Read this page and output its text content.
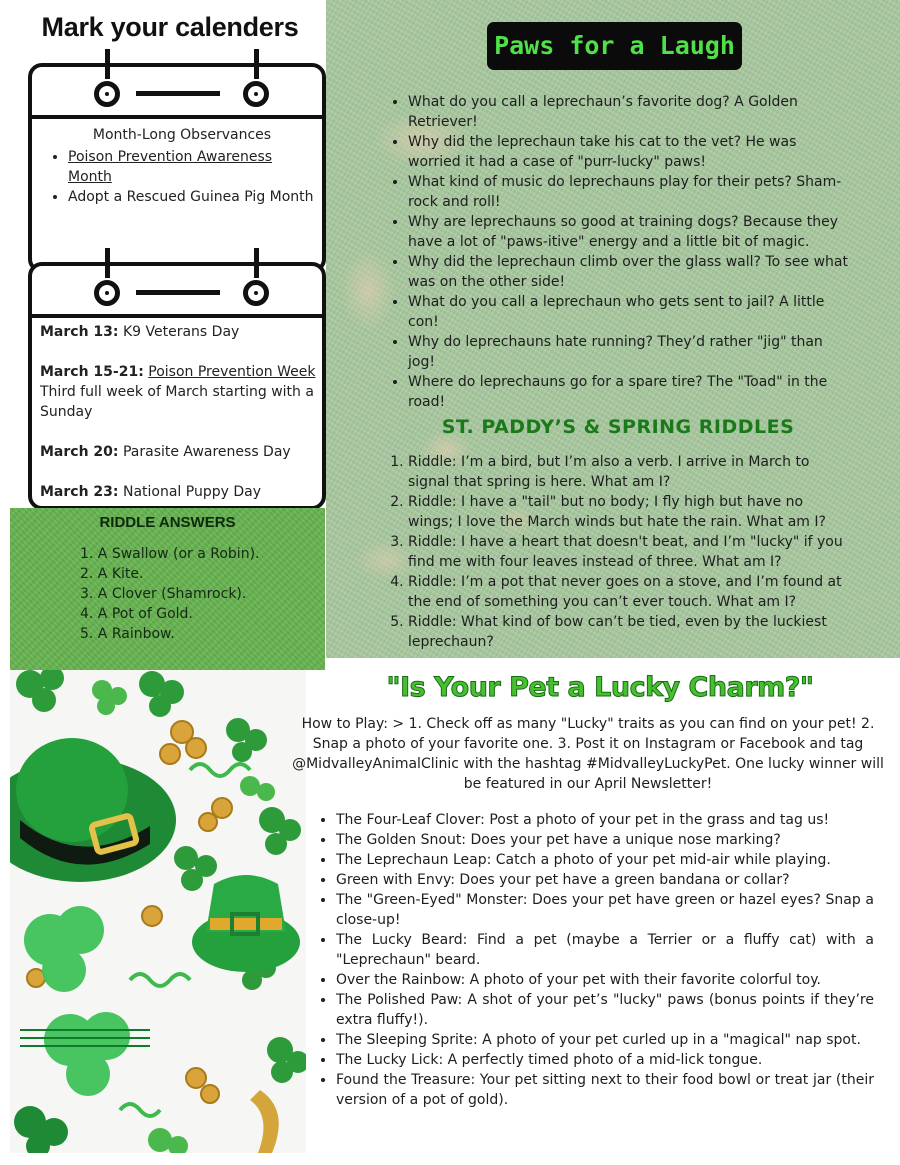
Mark your calenders
Month-Long Observances
• Poison Prevention Awareness Month
• Adopt a Rescued Guinea Pig Month
March 13: K9 Veterans Day
March 15-21: Poison Prevention Week
Third full week of March starting with a Sunday
March 20: Parasite Awareness Day
March 23: National Puppy Day
RIDDLE ANSWERS
1. A Swallow (or a Robin).
2. A Kite.
3. A Clover (Shamrock).
4. A Pot of Gold.
5. A Rainbow.
Paws for a Laugh
• What do you call a leprechaun’s favorite dog? A Golden Retriever!
• Why did the leprechaun take his cat to the vet? He was worried it had a case of "purr-lucky" paws!
• What kind of music do leprechauns play for their pets? Sham-rock and roll!
• Why are leprechauns so good at training dogs? Because they have a lot of "paws-itive" energy and a little bit of magic.
• Why did the leprechaun climb over the glass wall? To see what was on the other side!
• What do you call a leprechaun who gets sent to jail? A little con!
• Why do leprechauns hate running? They’d rather "jig" than jog!
• Where do leprechauns go for a spare tire? The "Toad" in the road!
ST. PADDY’S & SPRING RIDDLES
1. Riddle: I’m a bird, but I’m also a verb. I arrive in March to signal that spring is here. What am I?
2. Riddle: I have a "tail" but no body; I fly high but have no wings; I love the March winds but hate the rain. What am I?
3. Riddle: I have a heart that doesn't beat, and I’m "lucky" if you find me with four leaves instead of three. What am I?
4. Riddle: I’m a pot that never goes on a stove, and I’m found at the end of something you can’t ever touch. What am I?
5. Riddle: What kind of bow can’t be tied, even by the luckiest leprechaun?
"Is Your Pet a Lucky Charm?"
How to Play: > 1. Check off as many "Lucky" traits as you can find on your pet! 2. Snap a photo of your favorite one. 3. Post it on Instagram or Facebook and tag @MidvalleyAnimalClinic with the hashtag #MidvalleyLuckyPet. One lucky winner will be featured in our April Newsletter!
• The Four-Leaf Clover: Post a photo of your pet in the grass and tag us!
• The Golden Snout: Does your pet have a unique nose marking?
• The Leprechaun Leap: Catch a photo of your pet mid-air while playing.
• Green with Envy: Does your pet have a green bandana or collar?
• The "Green-Eyed" Monster: Does your pet have green or hazel eyes? Snap a close-up!
• The Lucky Beard: Find a pet (maybe a Terrier or a fluffy cat) with a "Leprechaun" beard.
• Over the Rainbow: A photo of your pet with their favorite colorful toy.
• The Polished Paw: A shot of your pet’s "lucky" paws (bonus points if they’re extra fluffy!).
• The Sleeping Sprite: A photo of your pet curled up in a "magical" nap spot.
• The Lucky Lick: A perfectly timed photo of a mid-lick tongue.
• Found the Treasure: Your pet sitting next to their food bowl or treat jar (their version of a pot of gold).
